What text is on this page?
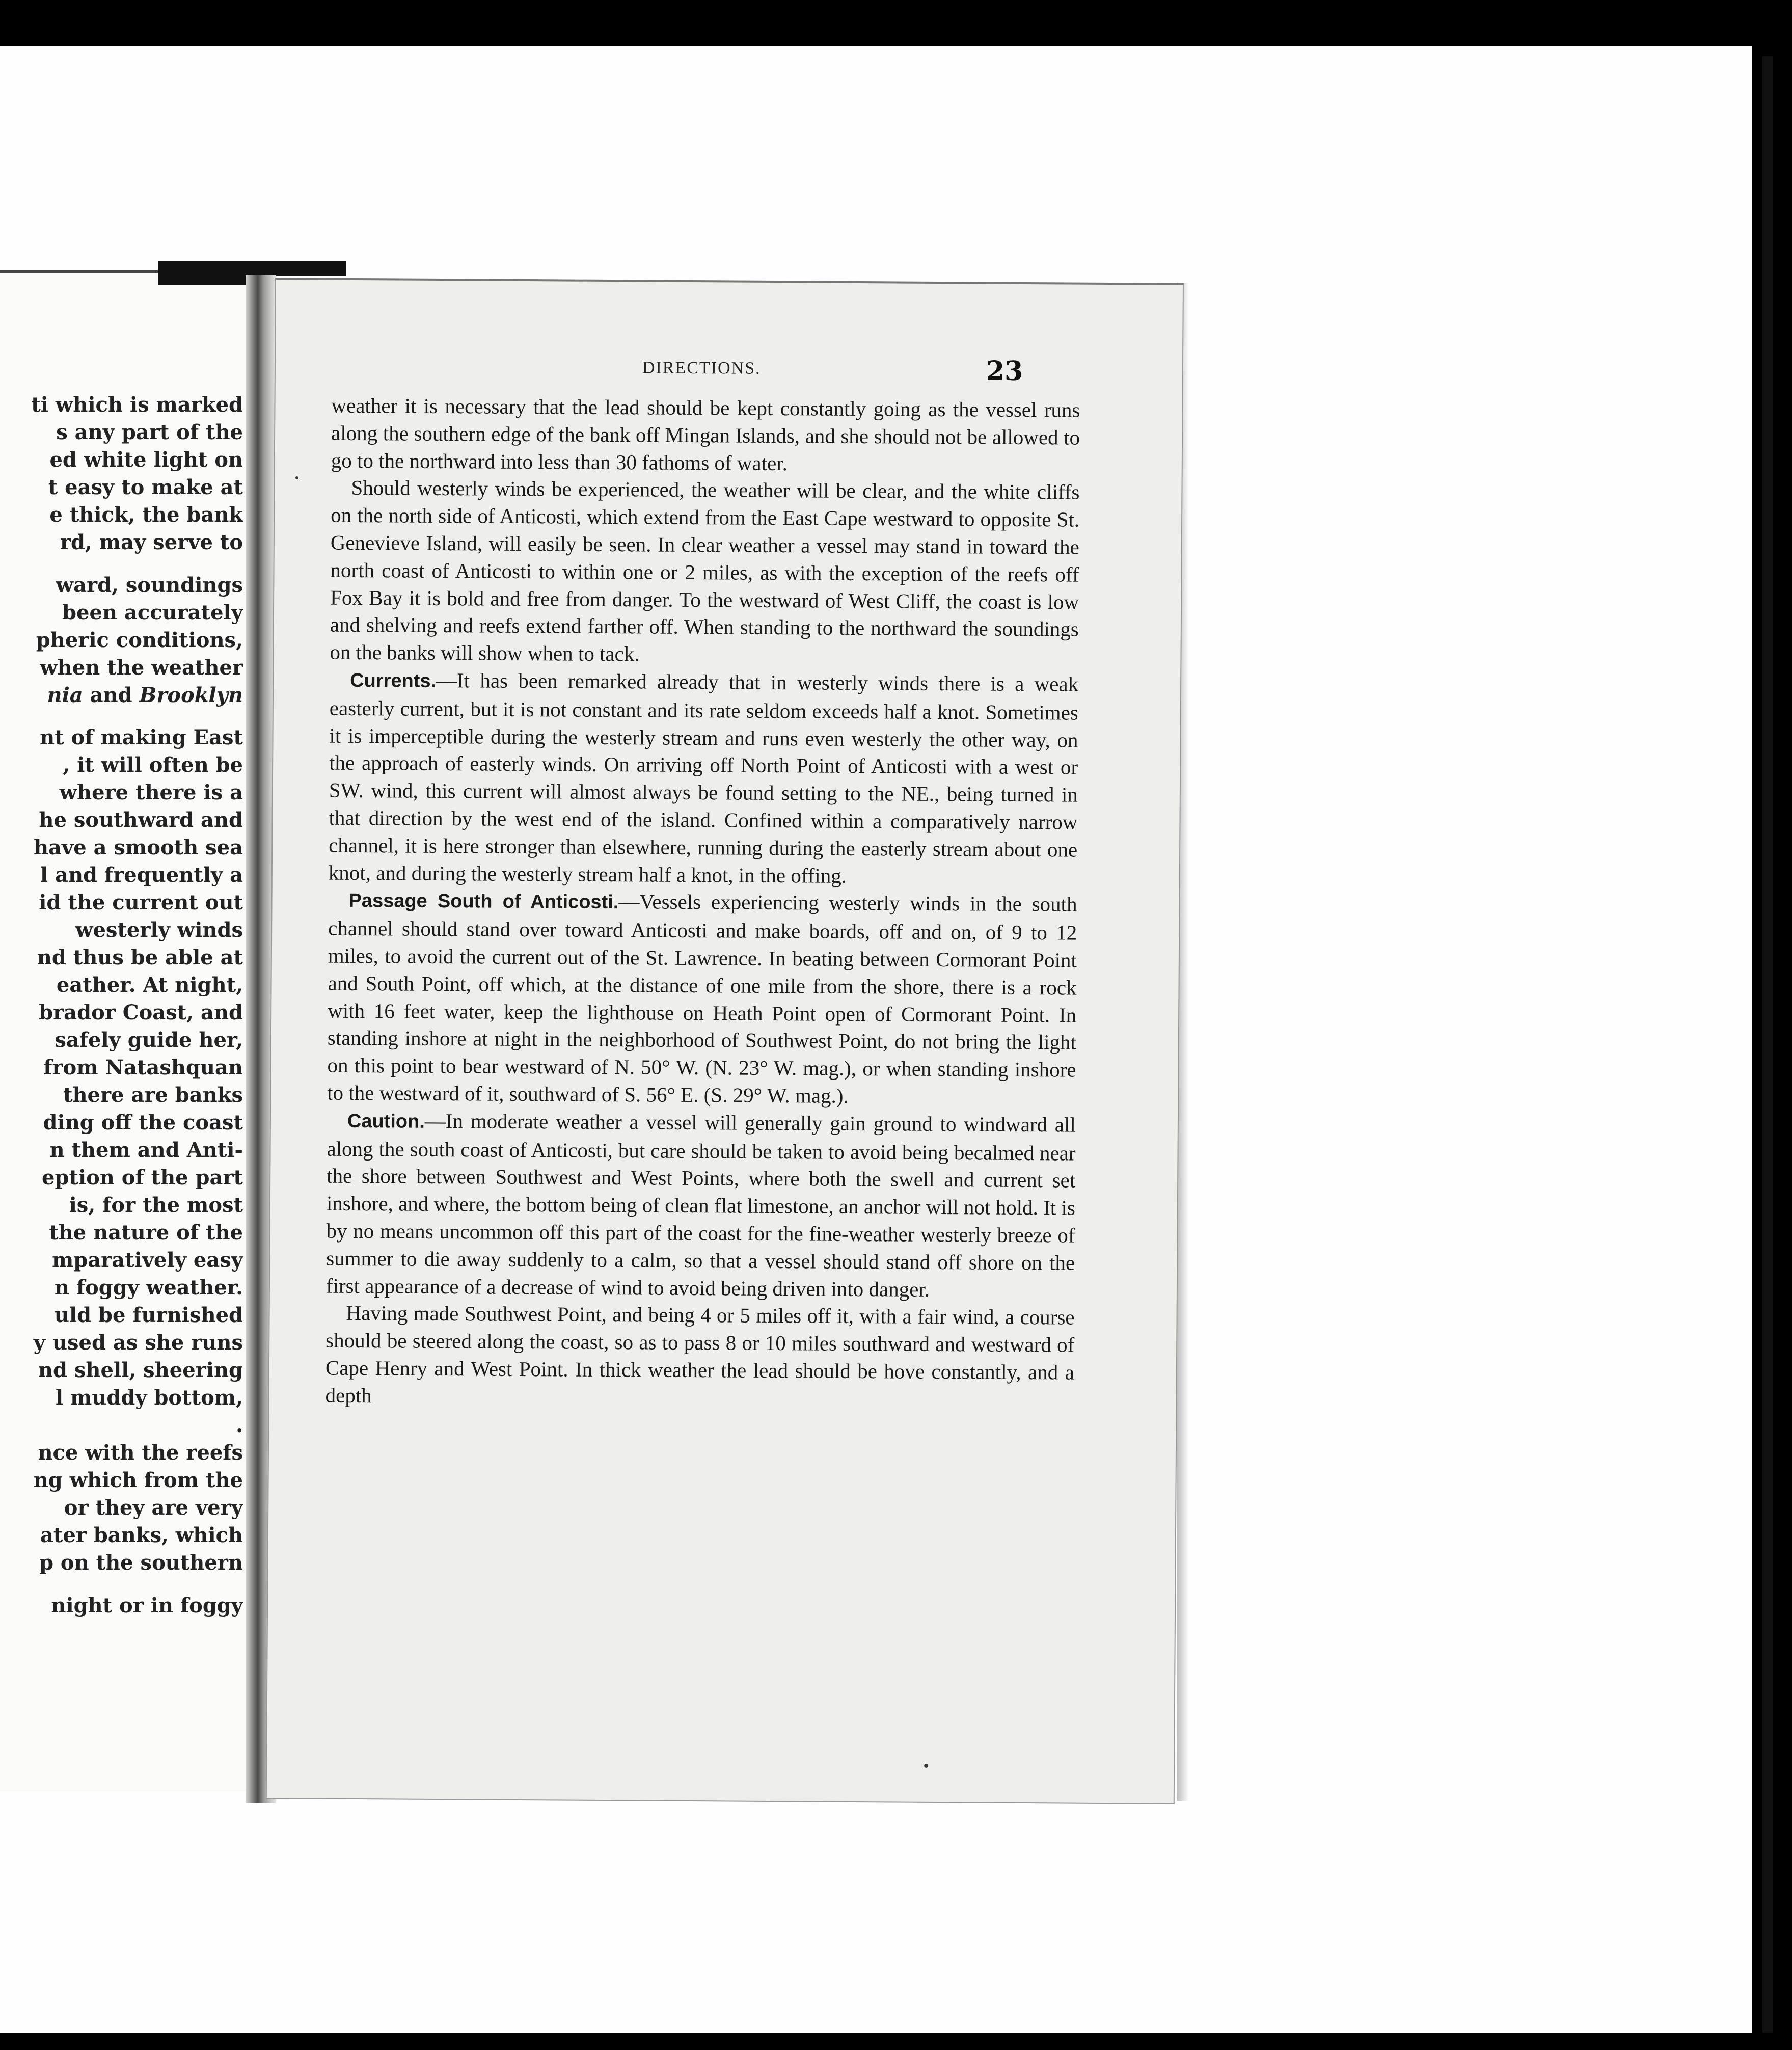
ti which is marked
s any part of the
ed white light on
t easy to make at
e thick, the bank
rd, may serve to
ward, soundings
been accurately
pheric conditions,
when the weather
nia and Brooklyn
nt of making East
, it will often be
where there is a
he southward and
have a smooth sea
l and frequently a
id the current out
westerly winds
nd thus be able at
eather. At night,
brador Coast, and
safely guide her,
from Natashquan
there are banks
ding off the coast
n them and Anti-
eption of the part
is, for the most
the nature of the
mparatively easy
n foggy weather.
uld be furnished
y used as she runs
nd shell, sheering
l muddy bottom,
.
nce with the reefs
ng which from the
or they are very
ater banks, which
p on the southern
night or in foggy
DIRECTIONS.	23

weather it is necessary that the lead should be kept constantly going as the vessel runs along the southern edge of the bank off Mingan Islands, and she should not be allowed to go to the northward into less than 30 fathoms of water.

Should westerly winds be experienced, the weather will be clear, and the white cliffs on the north side of Anticosti, which extend from the East Cape westward to opposite St. Genevieve Island, will easily be seen. In clear weather a vessel may stand in toward the north coast of Anticosti to within one or 2 miles, as with the exception of the reefs off Fox Bay it is bold and free from danger. To the westward of West Cliff, the coast is low and shelving and reefs extend farther off. When standing to the northward the soundings on the banks will show when to tack.

Currents.—It has been remarked already that in westerly winds there is a weak easterly current, but it is not constant and its rate seldom exceeds half a knot. Sometimes it is imperceptible during the westerly stream and runs even westerly the other way, on the approach of easterly winds. On arriving off North Point of Anticosti with a west or SW. wind, this current will almost always be found setting to the NE., being turned in that direction by the west end of the island. Confined within a comparatively narrow channel, it is here stronger than elsewhere, running during the easterly stream about one knot, and during the westerly stream half a knot, in the offing.

Passage South of Anticosti.—Vessels experiencing westerly winds in the south channel should stand over toward Anticosti and make boards, off and on, of 9 to 12 miles, to avoid the current out of the St. Lawrence. In beating between Cormorant Point and South Point, off which, at the distance of one mile from the shore, there is a rock with 16 feet water, keep the lighthouse on Heath Point open of Cormorant Point. In standing inshore at night in the neighborhood of Southwest Point, do not bring the light on this point to bear westward of N. 50° W. (N. 23° W. mag.), or when standing inshore to the westward of it, southward of S. 56° E. (S. 29° W. mag.).

Caution.—In moderate weather a vessel will generally gain ground to windward all along the south coast of Anticosti, but care should be taken to avoid being becalmed near the shore between Southwest and West Points, where both the swell and current set inshore, and where, the bottom being of clean flat limestone, an anchor will not hold. It is by no means uncommon off this part of the coast for the fine-weather westerly breeze of summer to die away suddenly to a calm, so that a vessel should stand off shore on the first appearance of a decrease of wind to avoid being driven into danger.

Having made Southwest Point, and being 4 or 5 miles off it, with a fair wind, a course should be steered along the coast, so as to pass 8 or 10 miles southward and westward of Cape Henry and West Point. In thick weather the lead should be hove constantly, and a depth
